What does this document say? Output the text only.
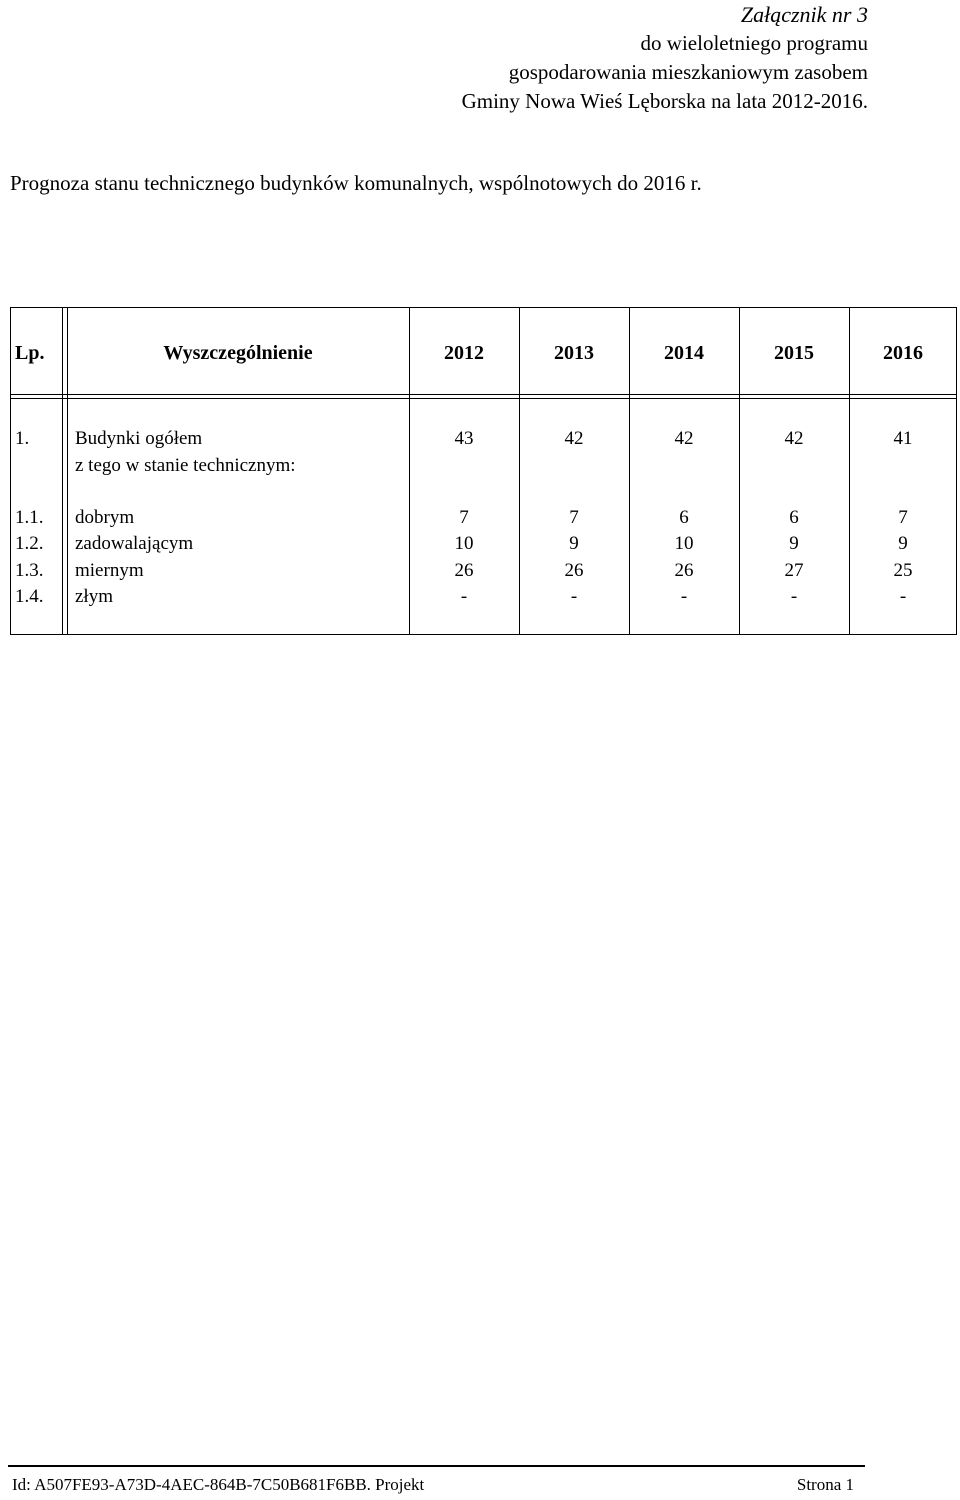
Załącznik nr 3
do wieloletniego programu
gospodarowania mieszkaniowym zasobem
Gminy Nowa Wieś Lęborska na lata 2012-2016.
Prognoza stanu technicznego budynków komunalnych, wspólnotowych do 2016 r.
Lp.	Wyszczególnienie	2012	2013	2014	2015	2016
1. Budynki ogółem	43	42	42	42	41
z tego w stanie technicznym:
1.1. dobrym	7	7	6	6	7
1.2. zadowalającym	10	9	10	9	9
1.3. miernym	26	26	26	27	25
1.4. złym	-	-	-	-	-
Id: A507FE93-A73D-4AEC-864B-7C50B681F6BB. Projekt	Strona 1
